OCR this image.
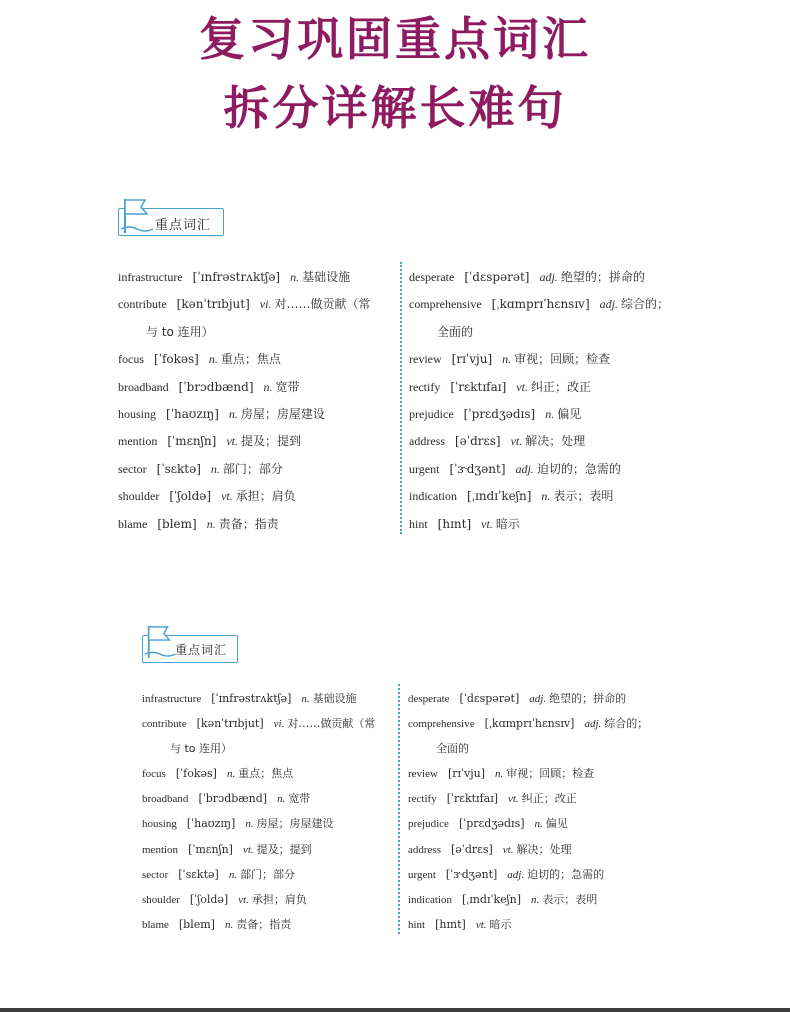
复习巩固重点词汇
拆分详解长难句
重点词汇
infrastructure [ˈɪnfrəstrʌktʃə] n. 基础设施
contribute [kənˈtrɪbjut] vi. 对……做贡献（常
与 to 连用）
focus [ˈfokəs] n. 重点；焦点
broadband [ˈbrɔdbænd] n. 宽带
housing [ˈhaʊzɪŋ] n. 房屋；房屋建设
mention [ˈmɛnʃn] vt. 提及；提到
sector [ˈsɛktə] n. 部门；部分
shoulder [ˈʃoldə] vt. 承担；肩负
blame [blem] n. 责备；指责
desperate [ˈdɛspərət] adj. 绝望的；拼命的
comprehensive [ˌkɑmprɪˈhɛnsɪv] adj. 综合的；
全面的
review [rɪˈvju] n. 审视；回顾；检查
rectify [ˈrɛktɪfaɪ] vt. 纠正；改正
prejudice [ˈprɛdʒədɪs] n. 偏见
address [əˈdrɛs] vt. 解决；处理
urgent [ˈɝdʒənt] adj. 迫切的；急需的
indication [ˌɪndɪˈkeʃn] n. 表示；表明
hint [hɪnt] vt. 暗示
重点词汇
infrastructure [ˈɪnfrəstrʌktʃə] n. 基础设施
contribute [kənˈtrɪbjut] vi. 对……做贡献（常
与 to 连用）
focus [ˈfokəs] n. 重点；焦点
broadband [ˈbrɔdbænd] n. 宽带
housing [ˈhaʊzɪŋ] n. 房屋；房屋建设
mention [ˈmɛnʃn] vt. 提及；提到
sector [ˈsɛktə] n. 部门；部分
shoulder [ˈʃoldə] vt. 承担；肩负
blame [blem] n. 责备；指责
desperate [ˈdɛspərət] adj. 绝望的；拼命的
comprehensive [ˌkɑmprɪˈhɛnsɪv] adj. 综合的；
全面的
review [rɪˈvju] n. 审视；回顾；检查
rectify [ˈrɛktɪfaɪ] vt. 纠正；改正
prejudice [ˈprɛdʒədɪs] n. 偏见
address [əˈdrɛs] vt. 解决；处理
urgent [ˈɝdʒənt] adj. 迫切的；急需的
indication [ˌɪndɪˈkeʃn] n. 表示；表明
hint [hɪnt] vt. 暗示
